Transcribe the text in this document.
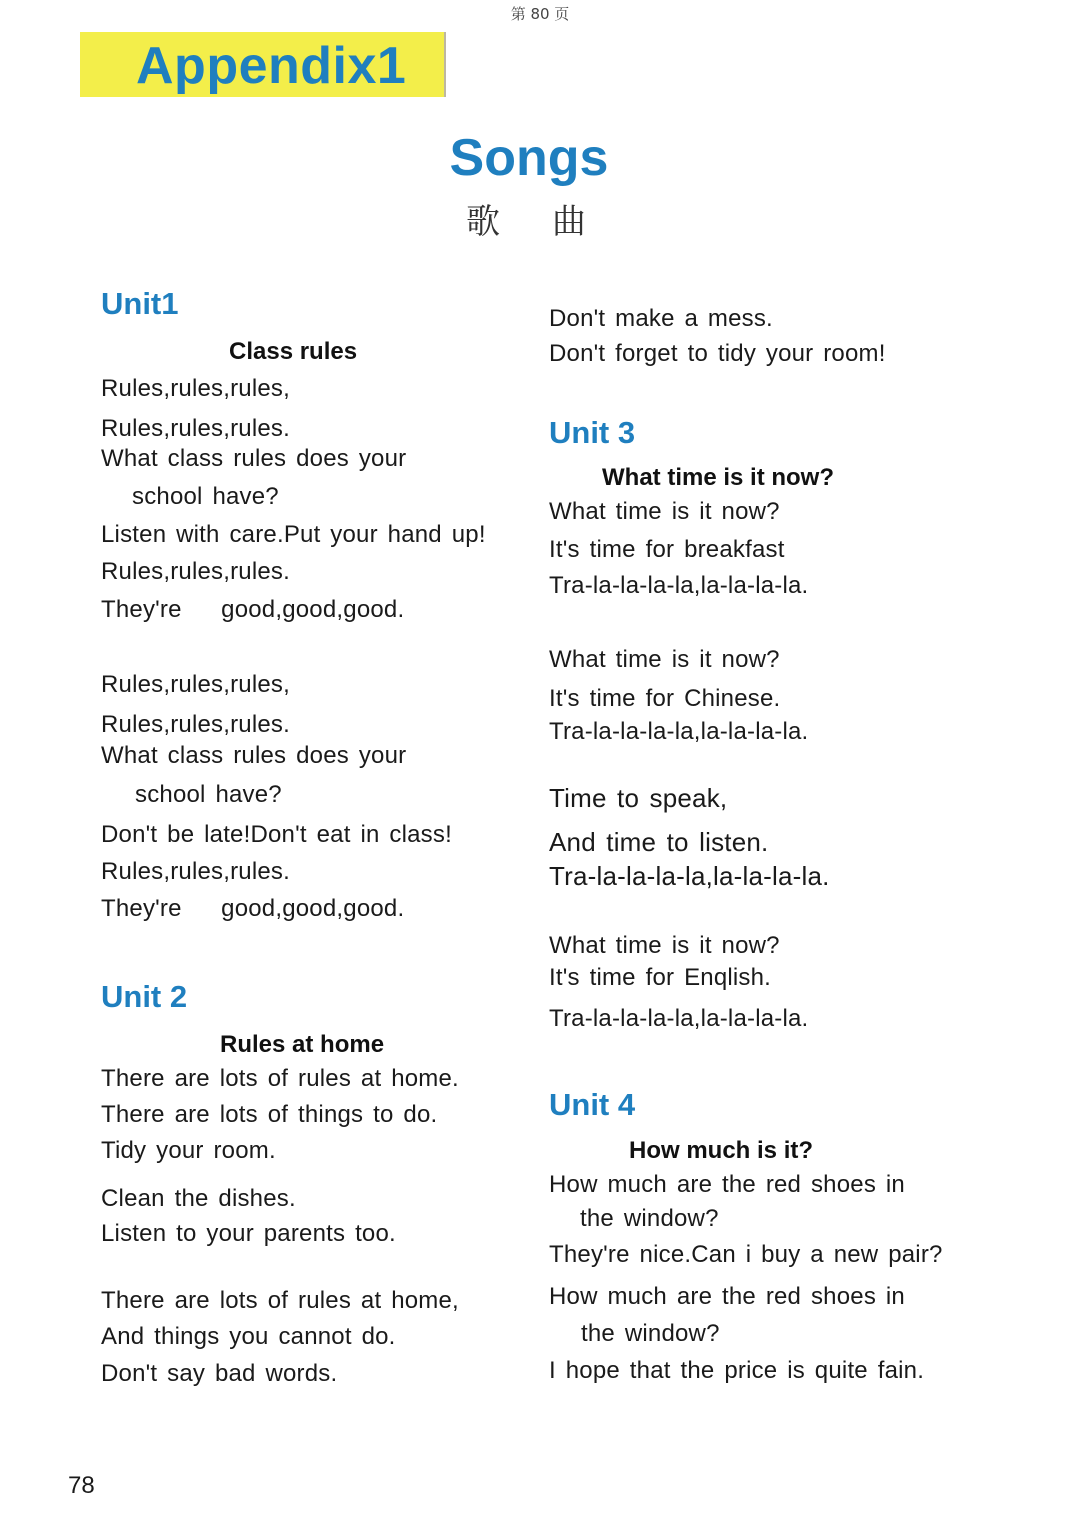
第 80 页
Appendix1
Songs
歌曲
Unit1
Class rules
Rules,rules,rules,
Rules,rules,rules.
What class rules does your
school have?
Listen with care.Put your hand up!
Rules,rules,rules.
They're    good,good,good.
Rules,rules,rules,
Rules,rules,rules.
What class rules does your
school have?
Don't be late!Don't eat in class!
Rules,rules,rules.
They're    good,good,good.
Unit 2
Rules at home
There are lots of rules at home.
There are lots of things to do.
Tidy your room.
Clean the dishes.
Listen to your parents too.
There are lots of rules at home,
And things you cannot do.
Don't say bad words.
Don't make a mess.
Don't forget to tidy your room!
Unit 3
What time is it now?
What time is it now?
It's time for breakfast
Tra-la-la-la-la,la-la-la-la.
What time is it now?
It's time for Chinese.
Tra-la-la-la-la,la-la-la-la.
Time to speak,
And time to listen.
Tra-la-la-la-la,la-la-la-la.
What time is it now?
It's time for Enqlish.
Tra-la-la-la-la,la-la-la-la.
Unit 4
How much is it?
How much are the red shoes in
the window?
They're nice.Can i buy a new pair?
How much are the red shoes in
the window?
I hope that the price is quite fain.
78
